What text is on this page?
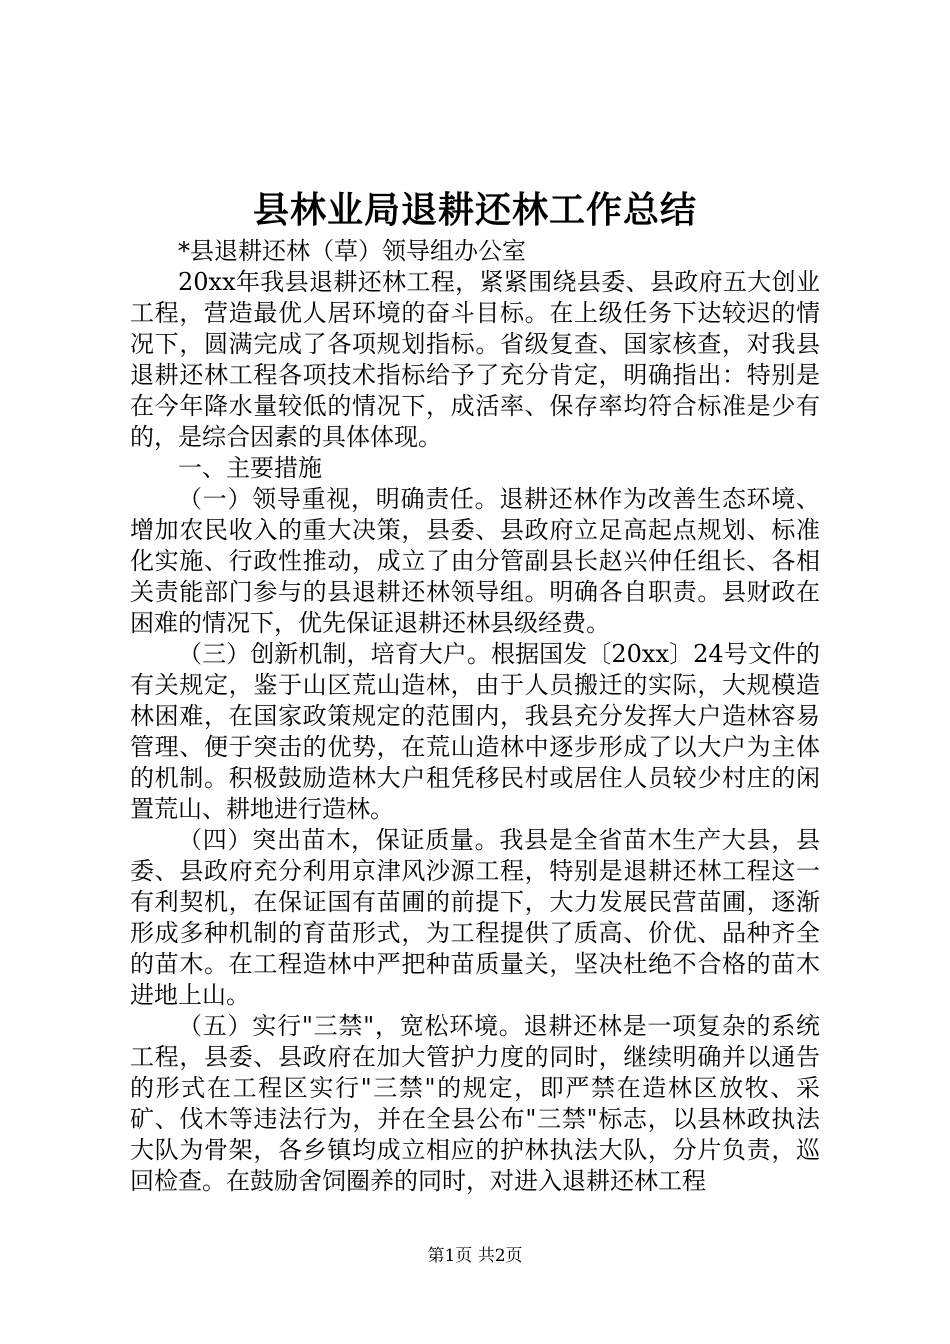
县林业局退耕还林工作总结

*县退耕还林（草）领导组办公室

20xx年我县退耕还林工程，紧紧围绕县委、县政府五大创业工程，营造最优人居环境的奋斗目标。在上级任务下达较迟的情况下，圆满完成了各项规划指标。省级复查、国家核查，对我县退耕还林工程各项技术指标给予了充分肯定，明确指出：特别是在今年降水量较低的情况下，成活率、保存率均符合标准是少有的，是综合因素的具体体现。

一、主要措施

（一）领导重视，明确责任。退耕还林作为改善生态环境、增加农民收入的重大决策，县委、县政府立足高起点规划、标准化实施、行政性推动，成立了由分管副县长赵兴仲任组长、各相关责能部门参与的县退耕还林领导组。明确各自职责。县财政在困难的情况下，优先保证退耕还林县级经费。

（三）创新机制，培育大户。根据国发〔20xx〕24号文件的有关规定，鉴于山区荒山造林，由于人员搬迁的实际，大规模造林困难，在国家政策规定的范围内，我县充分发挥大户造林容易管理、便于突击的优势，在荒山造林中逐步形成了以大户为主体的机制。积极鼓励造林大户租凭移民村或居住人员较少村庄的闲置荒山、耕地进行造林。

（四）突出苗木，保证质量。我县是全省苗木生产大县，县委、县政府充分利用京津风沙源工程，特别是退耕还林工程这一有利契机，在保证国有苗圃的前提下，大力发展民营苗圃，逐渐形成多种机制的育苗形式，为工程提供了质高、价优、品种齐全的苗木。在工程造林中严把种苗质量关，坚决杜绝不合格的苗木进地上山。

（五）实行"三禁"，宽松环境。退耕还林是一项复杂的系统工程，县委、县政府在加大管护力度的同时，继续明确并以通告的形式在工程区实行"三禁"的规定，即严禁在造林区放牧、采矿、伐木等违法行为，并在全县公布"三禁"标志，以县林政执法大队为骨架，各乡镇均成立相应的护林执法大队，分片负责，巡回检查。在鼓励舍饲圈养的同时，对进入退耕还林工程

第1页 共2页
